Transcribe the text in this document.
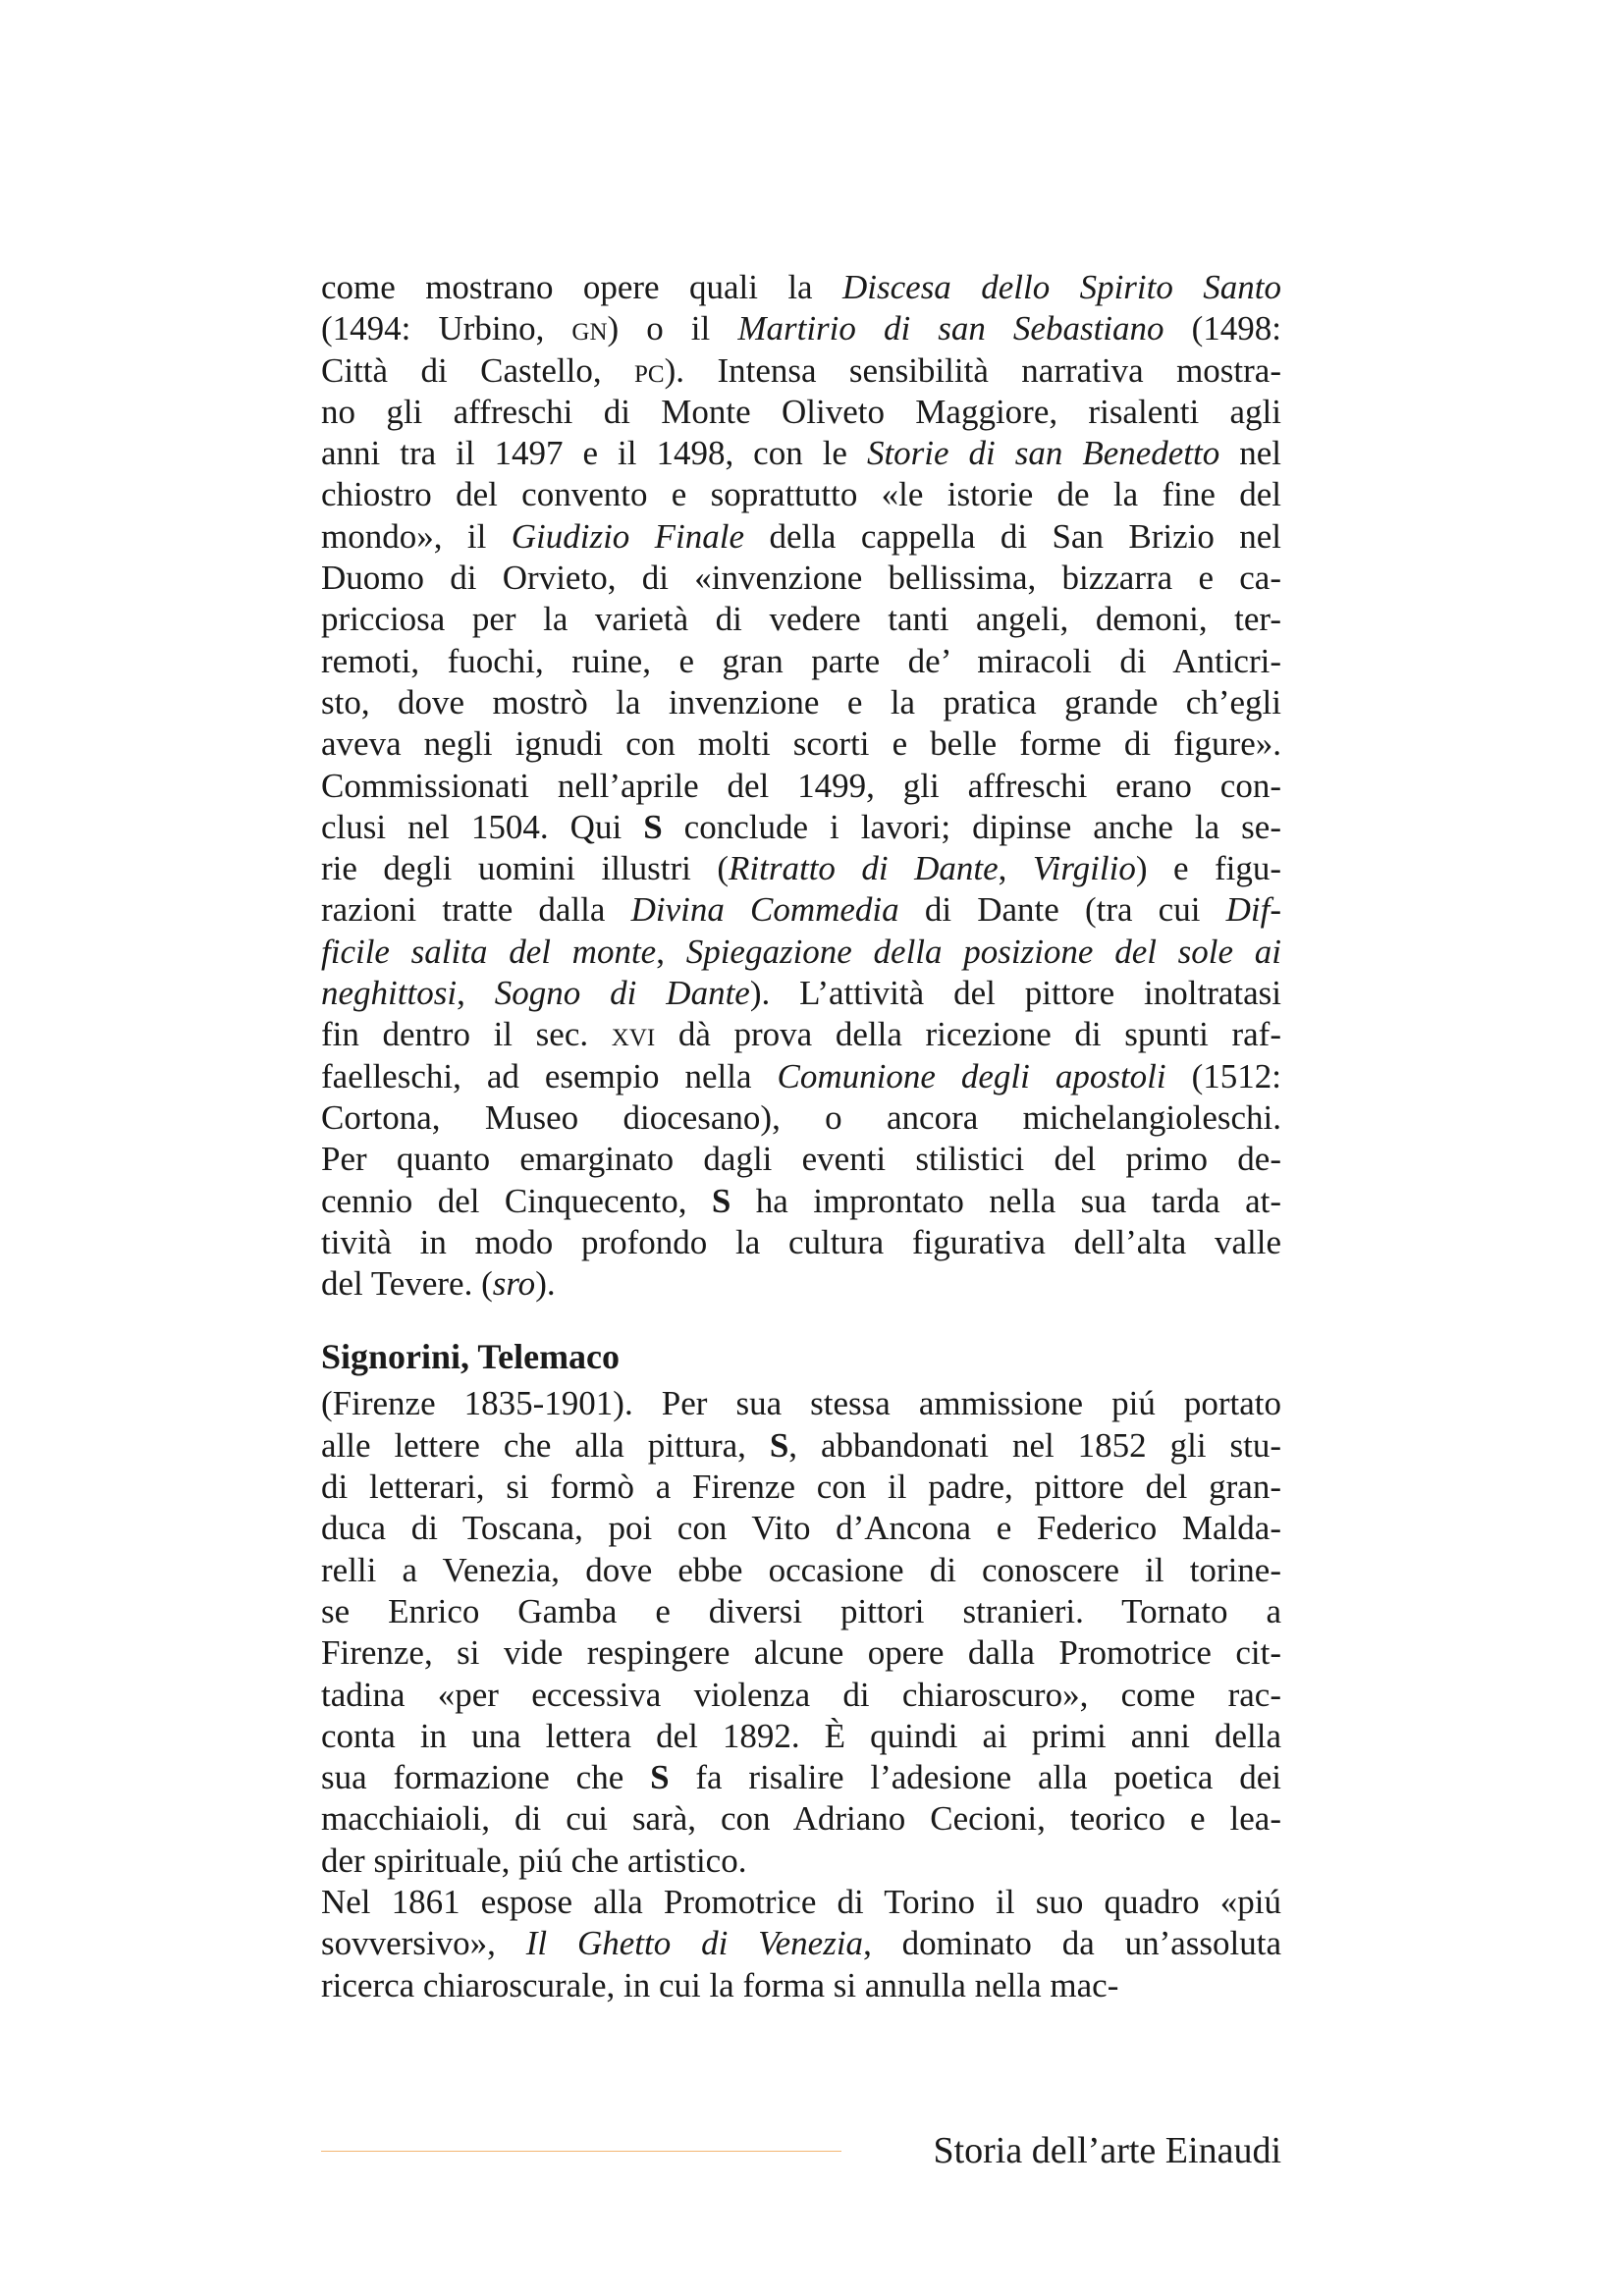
come mostrano opere quali la Discesa dello Spirito Santo
(1494: Urbino, gn) o il Martirio di san Sebastiano (1498:
Città di Castello, pc). Intensa sensibilità narrativa mostra-
no gli affreschi di Monte Oliveto Maggiore, risalenti agli
anni tra il 1497 e il 1498, con le Storie di san Benedetto nel
chiostro del convento e soprattutto «le istorie de la fine del
mondo», il Giudizio Finale della cappella di San Brizio nel
Duomo di Orvieto, di «invenzione bellissima, bizzarra e ca-
pricciosa per la varietà di vedere tanti angeli, demoni, ter-
remoti, fuochi, ruine, e gran parte de’ miracoli di Anticri-
sto, dove mostrò la invenzione e la pratica grande ch’egli
aveva negli ignudi con molti scorti e belle forme di figure».
Commissionati nell’aprile del 1499, gli affreschi erano con-
clusi nel 1504. Qui S conclude i lavori; dipinse anche la se-
rie degli uomini illustri (Ritratto di Dante, Virgilio) e figu-
razioni tratte dalla Divina Commedia di Dante (tra cui Dif-
ficile salita del monte, Spiegazione della posizione del sole ai
neghittosi, Sogno di Dante). L’attività del pittore inoltratasi
fin dentro il sec. xvi dà prova della ricezione di spunti raf-
faelleschi, ad esempio nella Comunione degli apostoli (1512:
Cortona, Museo diocesano), o ancora michelangioleschi.
Per quanto emarginato dagli eventi stilistici del primo de-
cennio del Cinquecento, S ha improntato nella sua tarda at-
tività in modo profondo la cultura figurativa dell’alta valle
del Tevere. (sro).
Signorini, Telemaco
(Firenze 1835-1901). Per sua stessa ammissione piú portato
alle lettere che alla pittura, S, abbandonati nel 1852 gli stu-
di letterari, si formò a Firenze con il padre, pittore del gran-
duca di Toscana, poi con Vito d’Ancona e Federico Malda-
relli a Venezia, dove ebbe occasione di conoscere il torine-
se Enrico Gamba e diversi pittori stranieri. Tornato a
Firenze, si vide respingere alcune opere dalla Promotrice cit-
tadina «per eccessiva violenza di chiaroscuro», come rac-
conta in una lettera del 1892. È quindi ai primi anni della
sua formazione che S fa risalire l’adesione alla poetica dei
macchiaioli, di cui sarà, con Adriano Cecioni, teorico e lea-
der spirituale, piú che artistico.
Nel 1861 espose alla Promotrice di Torino il suo quadro «piú
sovversivo», Il Ghetto di Venezia, dominato da un’assoluta
ricerca chiaroscurale, in cui la forma si annulla nella mac-
Storia dell’arte Einaudi
